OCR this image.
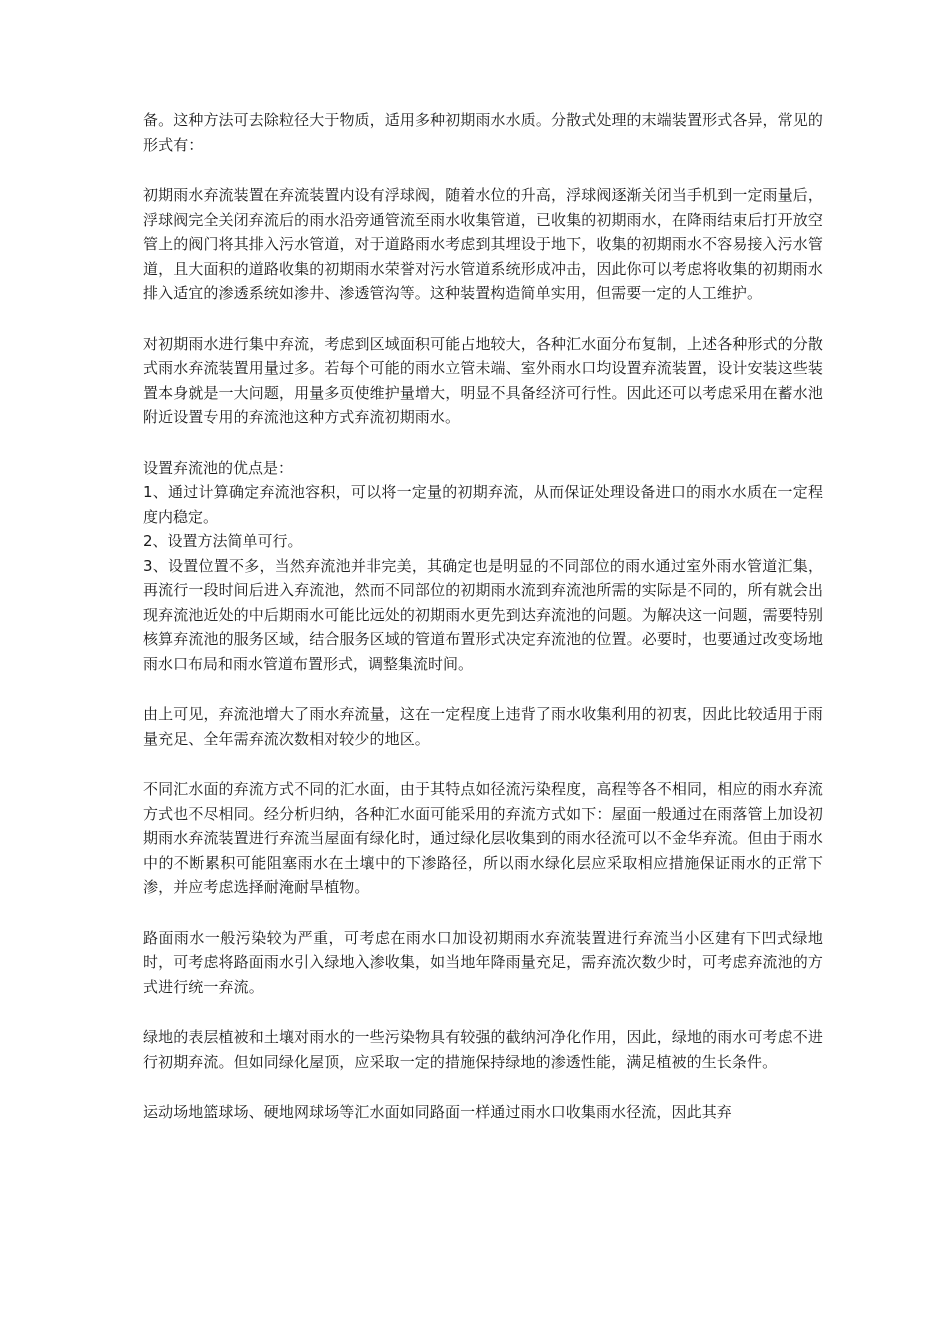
备。这种方法可去除粒径大于物质，适用多种初期雨水水质。分散式处理的末端装置形式各异，常见的形式有：

初期雨水弃流装置在弃流装置内设有浮球阀，随着水位的升高，浮球阀逐渐关闭当手机到一定雨量后，浮球阀完全关闭弃流后的雨水沿旁通管流至雨水收集管道，已收集的初期雨水，在降雨结束后打开放空管上的阀门将其排入污水管道，对于道路雨水考虑到其埋设于地下，收集的初期雨水不容易接入污水管道，且大面积的道路收集的初期雨水荣誉对污水管道系统形成冲击，因此你可以考虑将收集的初期雨水排入适宜的渗透系统如渗井、渗透管沟等。这种装置构造简单实用，但需要一定的人工维护。

对初期雨水进行集中弃流，考虑到区域面积可能占地较大，各种汇水面分布复制，上述各种形式的分散式雨水弃流装置用量过多。若每个可能的雨水立管未端、室外雨水口均设置弃流装置，设计安装这些装置本身就是一大问题，用量多页使维护量增大，明显不具备经济可行性。因此还可以考虑采用在蓄水池附近设置专用的弃流池这种方式弃流初期雨水。

设置弃流池的优点是：

1、通过计算确定弃流池容积，可以将一定量的初期弃流，从而保证处理设备进口的雨水水质在一定程度内稳定。

2、设置方法简单可行。

3、设置位置不多，当然弃流池并非完美，其确定也是明显的不同部位的雨水通过室外雨水管道汇集，再流行一段时间后进入弃流池，然而不同部位的初期雨水流到弃流池所需的实际是不同的，所有就会出现弃流池近处的中后期雨水可能比远处的初期雨水更先到达弃流池的问题。为解决这一问题，需要特别核算弃流池的服务区域，结合服务区域的管道布置形式决定弃流池的位置。必要时，也要通过改变场地雨水口布局和雨水管道布置形式，调整集流时间。

由上可见，弃流池增大了雨水弃流量，这在一定程度上违背了雨水收集利用的初衷，因此比较适用于雨量充足、全年需弃流次数相对较少的地区。

不同汇水面的弃流方式不同的汇水面，由于其特点如径流污染程度，高程等各不相同，相应的雨水弃流方式也不尽相同。经分析归纳，各种汇水面可能采用的弃流方式如下：屋面一般通过在雨落管上加设初期雨水弃流装置进行弃流当屋面有绿化时，通过绿化层收集到的雨水径流可以不金华弃流。但由于雨水中的不断累积可能阻塞雨水在土壤中的下渗路径，所以雨水绿化层应采取相应措施保证雨水的正常下渗，并应考虑选择耐淹耐旱植物。

路面雨水一般污染较为严重，可考虑在雨水口加设初期雨水弃流装置进行弃流当小区建有下凹式绿地时，可考虑将路面雨水引入绿地入渗收集，如当地年降雨量充足，需弃流次数少时，可考虑弃流池的方式进行统一弃流。

绿地的表层植被和土壤对雨水的一些污染物具有较强的截纳河净化作用，因此，绿地的雨水可考虑不进行初期弃流。但如同绿化屋顶，应采取一定的措施保持绿地的渗透性能，满足植被的生长条件。

运动场地篮球场、硬地网球场等汇水面如同路面一样通过雨水口收集雨水径流，因此其弃
